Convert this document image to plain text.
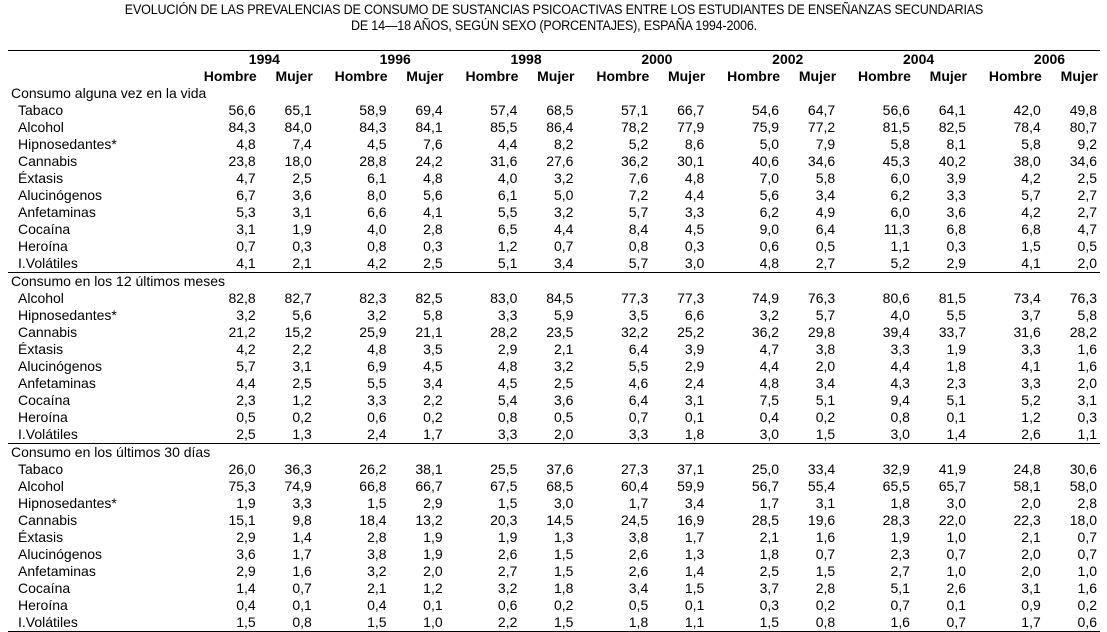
EVOLUCIÓN DE LAS PREVALENCIAS DE CONSUMO DE SUSTANCIAS PSICOACTIVAS ENTRE LOS ESTUDIANTES DE ENSEÑANZAS SECUNDARIAS
DE 14—18 AÑOS, SEGÚN SEXO (PORCENTAJES), ESPAÑA 1994-2006.

	1994		1996		1998		2000		2002		2004		2006	
	Hombre	Mujer	Hombre	Mujer	Hombre	Mujer	Hombre	Mujer	Hombre	Mujer	Hombre	Mujer	Hombre	Mujer
Consumo alguna vez en la vida														
Tabaco	56,6	65,1	58,9	69,4	57,4	68,5	57,1	66,7	54,6	64,7	56,6	64,1	42,0	49,8
Alcohol	84,3	84,0	84,3	84,1	85,5	86,4	78,2	77,9	75,9	77,2	81,5	82,5	78,4	80,7
Hipnosedantes*	4,8	7,4	4,5	7,6	4,4	8,2	5,2	8,6	5,0	7,9	5,8	8,1	5,8	9,2
Cannabis	23,8	18,0	28,8	24,2	31,6	27,6	36,2	30,1	40,6	34,6	45,3	40,2	38,0	34,6
Éxtasis	4,7	2,5	6,1	4,8	4,0	3,2	7,6	4,8	7,0	5,8	6,0	3,9	4,2	2,5
Alucinógenos	6,7	3,6	8,0	5,6	6,1	5,0	7,2	4,4	5,6	3,4	6,2	3,3	5,7	2,7
Anfetaminas	5,3	3,1	6,6	4,1	5,5	3,2	5,7	3,3	6,2	4,9	6,0	3,6	4,2	2,7
Cocaína	3,1	1,9	4,0	2,8	6,5	4,4	8,4	4,5	9,0	6,4	11,3	6,8	6,8	4,7
Heroína	0,7	0,3	0,8	0,3	1,2	0,7	0,8	0,3	0,6	0,5	1,1	0,3	1,5	0,5
I.Volátiles	4,1	2,1	4,2	2,5	5,1	3,4	5,7	3,0	4,8	2,7	5,2	2,9	4,1	2,0
Consumo en los 12 últimos meses														
Alcohol	82,8	82,7	82,3	82,5	83,0	84,5	77,3	77,3	74,9	76,3	80,6	81,5	73,4	76,3
Hipnosedantes*	3,2	5,6	3,2	5,8	3,3	5,9	3,5	6,6	3,2	5,7	4,0	5,5	3,7	5,8
Cannabis	21,2	15,2	25,9	21,1	28,2	23,5	32,2	25,2	36,2	29,8	39,4	33,7	31,6	28,2
Éxtasis	4,2	2,2	4,8	3,5	2,9	2,1	6,4	3,9	4,7	3,8	3,3	1,9	3,3	1,6
Alucinógenos	5,7	3,1	6,9	4,5	4,8	3,2	5,5	2,9	4,4	2,0	4,4	1,8	4,1	1,6
Anfetaminas	4,4	2,5	5,5	3,4	4,5	2,5	4,6	2,4	4,8	3,4	4,3	2,3	3,3	2,0
Cocaína	2,3	1,2	3,3	2,2	5,4	3,6	6,4	3,1	7,5	5,1	9,4	5,1	5,2	3,1
Heroína	0,5	0,2	0,6	0,2	0,8	0,5	0,7	0,1	0,4	0,2	0,8	0,1	1,2	0,3
I.Volátiles	2,5	1,3	2,4	1,7	3,3	2,0	3,3	1,8	3,0	1,5	3,0	1,4	2,6	1,1
Consumo en los últimos 30 días														
Tabaco	26,0	36,3	26,2	38,1	25,5	37,6	27,3	37,1	25,0	33,4	32,9	41,9	24,8	30,6
Alcohol	75,3	74,9	66,8	66,7	67,5	68,5	60,4	59,9	56,7	55,4	65,5	65,7	58,1	58,0
Hipnosedantes*	1,9	3,3	1,5	2,9	1,5	3,0	1,7	3,4	1,7	3,1	1,8	3,0	2,0	2,8
Cannabis	15,1	9,8	18,4	13,2	20,3	14,5	24,5	16,9	28,5	19,6	28,3	22,0	22,3	18,0
Éxtasis	2,9	1,4	2,8	1,9	1,9	1,3	3,8	1,7	2,1	1,6	1,9	1,0	2,1	0,7
Alucinógenos	3,6	1,7	3,8	1,9	2,6	1,5	2,6	1,3	1,8	0,7	2,3	0,7	2,0	0,7
Anfetaminas	2,9	1,6	3,2	2,0	2,7	1,5	2,6	1,4	2,5	1,5	2,7	1,0	2,0	1,0
Cocaína	1,4	0,7	2,1	1,2	3,2	1,8	3,4	1,5	3,7	2,8	5,1	2,6	3,1	1,6
Heroína	0,4	0,1	0,4	0,1	0,6	0,2	0,5	0,1	0,3	0,2	0,7	0,1	0,9	0,2
I.Volátiles	1,5	0,8	1,5	1,0	2,2	1,5	1,8	1,1	1,5	0,8	1,6	0,7	1,7	0,6
